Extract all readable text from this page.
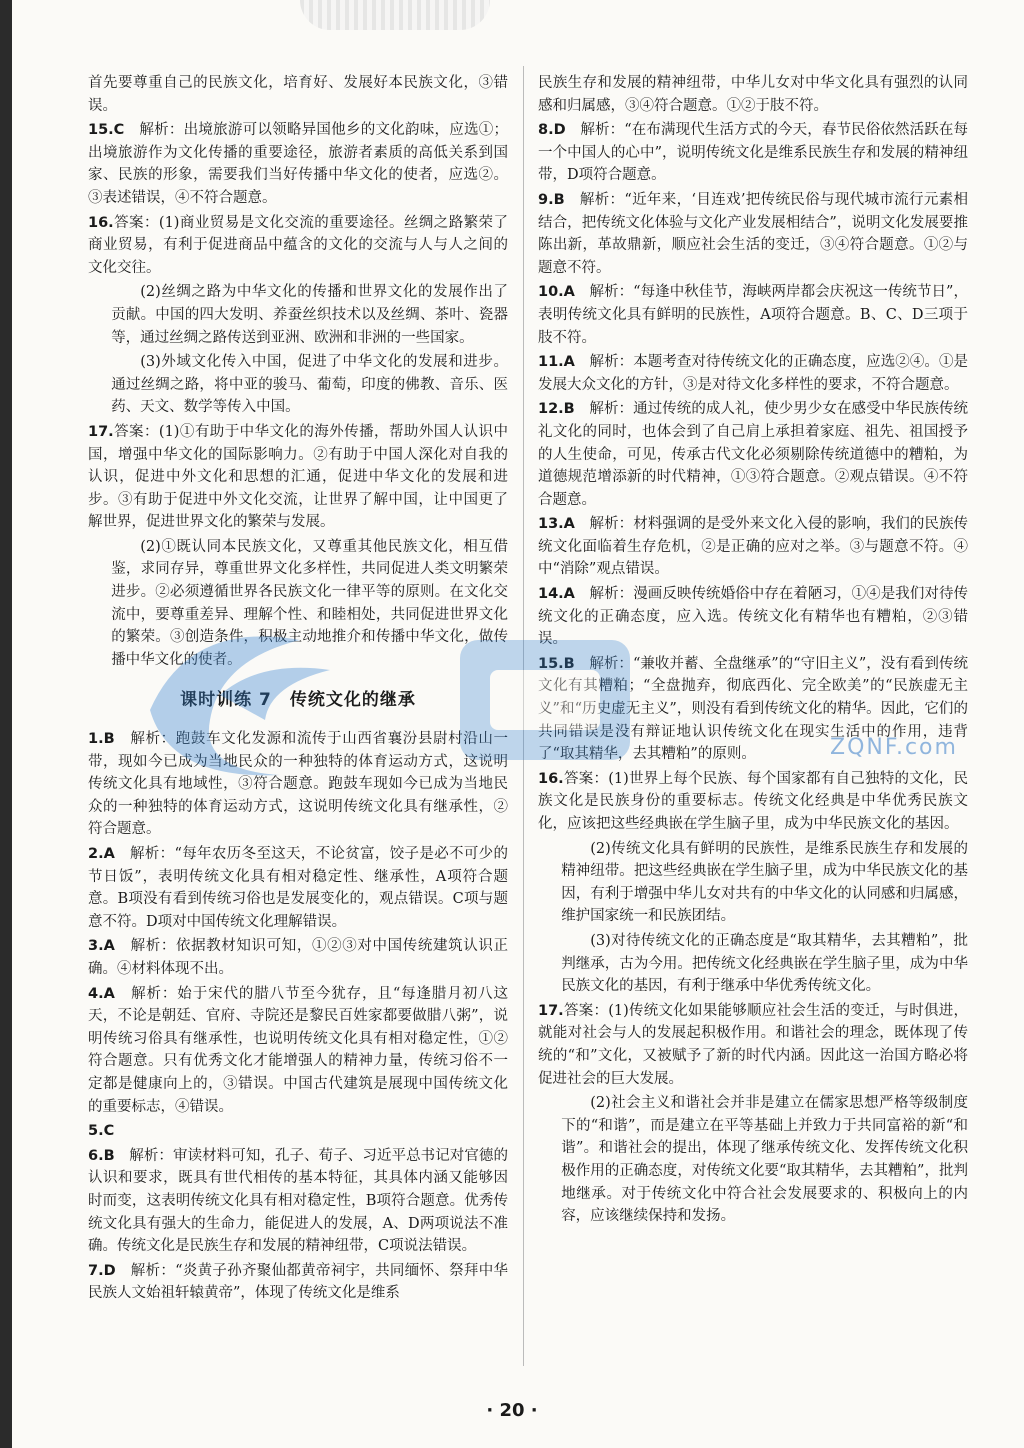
首先要尊重自己的民族文化，培育好、发展好本民族文化，③错误。

15.C　 解析：出境旅游可以领略异国他乡的文化韵味，应选①；出境旅游作为文化传播的重要途径，旅游者素质的高低关系到国家、民族的形象，需要我们当好传播中华文化的使者，应选②。③表述错误，④不符合题意。

16.答案：(1)商业贸易是文化交流的重要途径。丝绸之路繁荣了商业贸易，有利于促进商品中蕴含的文化的交流与人与人之间的文化交往。

(2)丝绸之路为中华文化的传播和世界文化的发展作出了贡献。中国的四大发明、养蚕丝织技术以及丝绸、茶叶、瓷器等，通过丝绸之路传送到亚洲、欧洲和非洲的一些国家。

(3)外域文化传入中国，促进了中华文化的发展和进步。通过丝绸之路，将中亚的骏马、葡萄，印度的佛教、音乐、医药、天文、数学等传入中国。

17.答案：(1)①有助于中华文化的海外传播，帮助外国人认识中国，增强中华文化的国际影响力。②有助于中国人深化对自我的认识，促进中外文化和思想的汇通，促进中华文化的发展和进步。③有助于促进中外文化交流，让世界了解中国，让中国更了解世界，促进世界文化的繁荣与发展。

(2)①既认同本民族文化，又尊重其他民族文化，相互借鉴，求同存异，尊重世界文化多样性，共同促进人类文明繁荣进步。②必须遵循世界各民族文化一律平等的原则。在文化交流中，要尊重差异、理解个性、和睦相处，共同促进世界文化的繁荣。③创造条件，积极主动地推介和传播中华文化，做传播中华文化的使者。

课时训练 7　传统文化的继承

1.B　 解析：跑鼓车文化发源和流传于山西省襄汾县尉村沿山一带，现如今已成为当地民众的一种独特的体育运动方式，这说明传统文化具有地域性，③符合题意。跑鼓车现如今已成为当地民众的一种独特的体育运动方式，这说明传统文化具有继承性，②符合题意。

2.A　 解析：“每年农历冬至这天，不论贫富，饺子是必不可少的节日饭”，表明传统文化具有相对稳定性、继承性，A项符合题意。B项没有看到传统习俗也是发展变化的，观点错误。C项与题意不符。D项对中国传统文化理解错误。

3.A　 解析：依据教材知识可知，①②③对中国传统建筑认识正确。④材料体现不出。

4.A　 解析：始于宋代的腊八节至今犹存，且“每逢腊月初八这天，不论是朝廷、官府、寺院还是黎民百姓家都要做腊八粥”，说明传统习俗具有继承性，也说明传统文化具有相对稳定性，①②符合题意。只有优秀文化才能增强人的精神力量，传统习俗不一定都是健康向上的，③错误。中国古代建筑是展现中国传统文化的重要标志，④错误。

5.C

6.B　 解析：审读材料可知，孔子、荀子、习近平总书记对官德的认识和要求，既具有世代相传的基本特征，其具体内涵又能够因时而变，这表明传统文化具有相对稳定性，B项符合题意。优秀传统文化具有强大的生命力，能促进人的发展，A、D两项说法不准确。传统文化是民族生存和发展的精神纽带，C项说法错误。

7.D　 解析：“炎黄子孙齐聚仙都黄帝祠宇，共同缅怀、祭拜中华民族人文始祖轩辕黄帝”，体现了传统文化是维系

民族生存和发展的精神纽带，中华儿女对中华文化具有强烈的认同感和归属感，③④符合题意。①②于肢不符。

8.D　 解析：“在布满现代生活方式的今天，春节民俗依然活跃在每一个中国人的心中”，说明传统文化是维系民族生存和发展的精神纽带，D项符合题意。

9.B　 解析：“近年来，‘目连戏’把传统民俗与现代城市流行元素相结合，把传统文化体验与文化产业发展相结合”，说明文化发展要推陈出新，革故鼎新，顺应社会生活的变迁，③④符合题意。①②与题意不符。

10.A　 解析：“每逢中秋佳节，海峡两岸都会庆祝这一传统节日”，表明传统文化具有鲜明的民族性，A项符合题意。B、C、D三项于肢不符。

11.A　 解析：本题考查对待传统文化的正确态度，应选②④。①是发展大众文化的方针，③是对待文化多样性的要求，不符合题意。

12.B　 解析：通过传统的成人礼，使少男少女在感受中华民族传统礼文化的同时，也体会到了自己肩上承担着家庭、祖先、祖国授予的人生使命，可见，传承古代文化必须剔除传统道德中的糟粕，为道德规范增添新的时代精神，①③符合题意。②观点错误。④不符合题意。

13.A　 解析：材料强调的是受外来文化入侵的影响，我们的民族传统文化面临着生存危机，②是正确的应对之举。③与题意不符。④中“消除”观点错误。

14.A　 解析：漫画反映传统婚俗中存在着陋习，①④是我们对待传统文化的正确态度，应入选。传统文化有精华也有糟粕，②③错误。

15.B　 解析：“兼收并蓄、全盘继承”的“守旧主义”，没有看到传统文化有其糟粕；“全盘抛弃，彻底西化、完全欧美”的“民族虚无主义”和“历史虚无主义”，则没有看到传统文化的精华。因此，它们的共同错误是没有辩证地认识传统文化在现实生活中的作用，违背了“取其精华，去其糟粕”的原则。

16.答案：(1)世界上每个民族、每个国家都有自己独特的文化，民族文化是民族身份的重要标志。传统文化经典是中华优秀民族文化，应该把这些经典嵌在学生脑子里，成为中华民族文化的基因。

(2)传统文化具有鲜明的民族性，是维系民族生存和发展的精神纽带。把这些经典嵌在学生脑子里，成为中华民族文化的基因，有利于增强中华儿女对共有的中华文化的认同感和归属感，维护国家统一和民族团结。

(3)对待传统文化的正确态度是“取其精华，去其糟粕”，批判继承，古为今用。把传统文化经典嵌在学生脑子里，成为中华民族文化的基因，有利于继承中华优秀传统文化。

17.答案：(1)传统文化如果能够顺应社会生活的变迁，与时俱进，就能对社会与人的发展起积极作用。和谐社会的理念，既体现了传统的“和”文化，又被赋予了新的时代内涵。因此这一治国方略必将促进社会的巨大发展。

(2)社会主义和谐社会并非是建立在儒家思想严格等级制度下的“和谐”，而是建立在平等基础上并致力于共同富裕的新“和谐”。和谐社会的提出，体现了继承传统文化、发挥传统文化积极作用的正确态度，对传统文化要“取其精华，去其糟粕”，批判地继承。对于传统文化中符合社会发展要求的、积极向上的内容，应该继续保持和发扬。

ZQNF.com
· 20 ·
